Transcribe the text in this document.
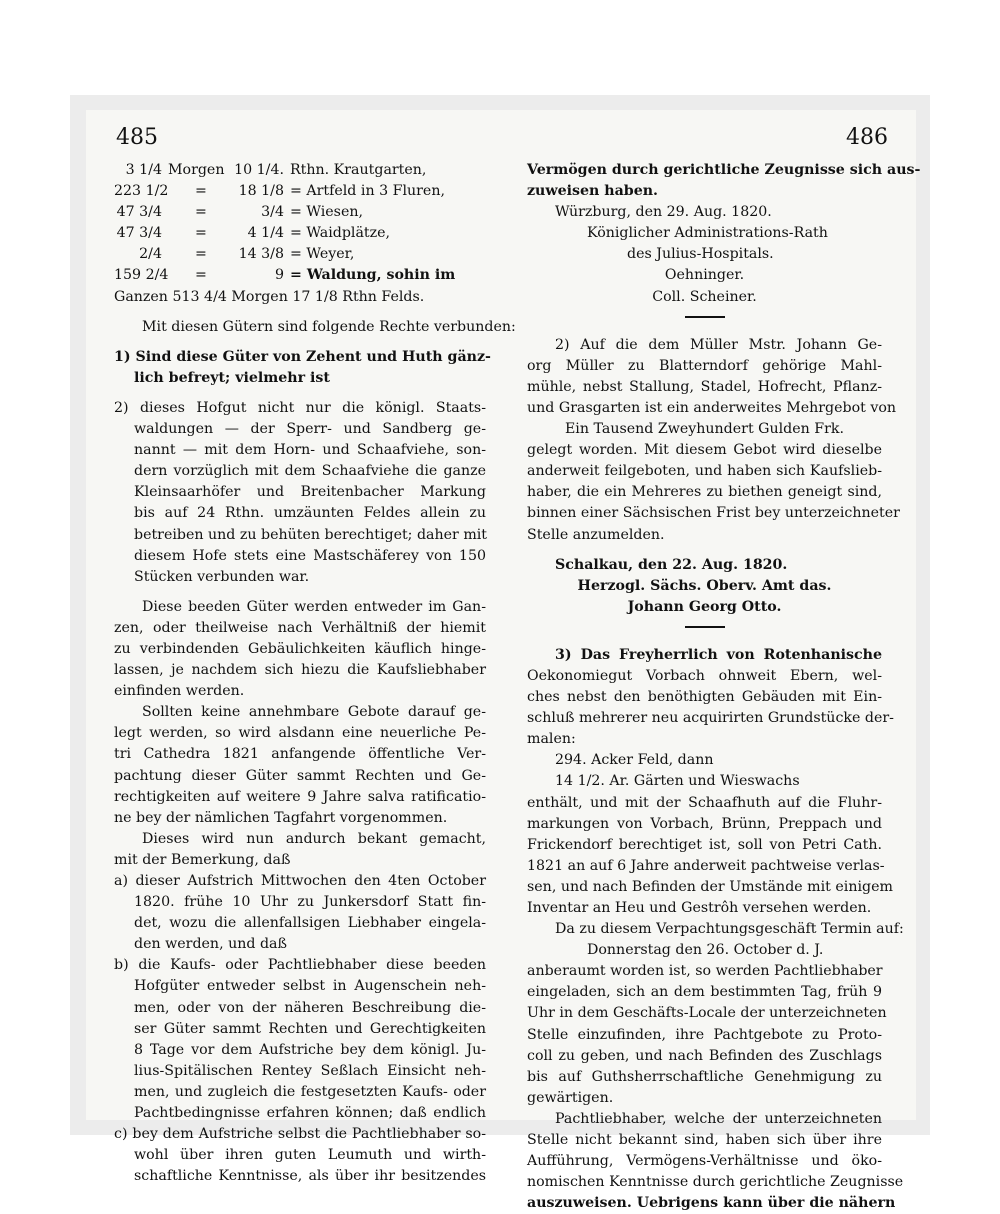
485	486
3 1/4 Morgen 10 1/4. Rthn. Krautgarten,
223 1/2	=	18 1/8 = Artfeld in 3 Fluren,
47 3/4	=	3/4 = Wiesen,
47 3/4	=	4 1/4 = Waidplätze,
2/4	=	14 3/8 = Weyer,
159 2/4	=	9 = Waldung, sohin im
Ganzen 513 4/4 Morgen 17 1/8 Rthn Felds.
Mit diesen Gütern sind folgende Rechte verbunden:
1) Sind diese Güter von Zehent und Huth gänz-
lich befreyt; vielmehr ist
2) dieses Hofgut nicht nur die königl. Staats-
waldungen — der Sperr- und Sandberg ge-
nannt — mit dem Horn- und Schaafviehe, son-
dern vorzüglich mit dem Schaafviehe die ganze
Kleinsaarhöfer und Breitenbacher Markung
bis auf 24 Rthn. umzäunten Feldes allein zu
betreiben und zu behüten berechtiget; daher mit
diesem Hofe stets eine Mastschäferey von 150
Stücken verbunden war.
Diese beeden Güter werden entweder im Gan-
zen, oder theilweise nach Verhältniß der hiemit
zu verbindenden Gebäulichkeiten käuflich hinge-
lassen, je nachdem sich hiezu die Kaufsliebhaber
einfinden werden.
Sollten keine annehmbare Gebote darauf ge-
legt werden, so wird alsdann eine neuerliche Pe-
tri Cathedra 1821 anfangende öffentliche Ver-
pachtung dieser Güter sammt Rechten und Ge-
rechtigkeiten auf weitere 9 Jahre salva ratificatio-
ne bey der nämlichen Tagfahrt vorgenommen.
Dieses wird nun andurch bekant gemacht,
mit der Bemerkung, daß
a) dieser Aufstrich Mittwochen den 4ten October
1820. frühe 10 Uhr zu Junkersdorf Statt fin-
det, wozu die allenfallsigen Liebhaber eingela-
den werden, und daß
b) die Kaufs- oder Pachtliebhaber diese beeden
Hofgüter entweder selbst in Augenschein neh-
men, oder von der näheren Beschreibung die-
ser Güter sammt Rechten und Gerechtigkeiten
8 Tage vor dem Aufstriche bey dem königl. Ju-
lius-Spitälischen Rentey Seßlach Einsicht neh-
men, und zugleich die festgesetzten Kaufs- oder
Pachtbedingnisse erfahren können; daß endlich
c) bey dem Aufstriche selbst die Pachtliebhaber so-
wohl über ihren guten Leumuth und wirth-
schaftliche Kenntnisse, als über ihr besitzendes
Vermögen durch gerichtliche Zeugnisse sich aus-
zuweisen haben.
Würzburg, den 29. Aug. 1820.
Königlicher Administrations-Rath
des Julius-Hospitals.
Oehninger.
Coll. Scheiner.
2) Auf die dem Müller Mstr. Johann Ge-
org Müller zu Blatterndorf gehörige Mahl-
mühle, nebst Stallung, Stadel, Hofrecht, Pflanz-
und Grasgarten ist ein anderweites Mehrgebot von
Ein Tausend Zweyhundert Gulden Frk.
gelegt worden. Mit diesem Gebot wird dieselbe
anderweit feilgeboten, und haben sich Kaufslieb-
haber, die ein Mehreres zu biethen geneigt sind,
binnen einer Sächsischen Frist bey unterzeichneter
Stelle anzumelden.
Schalkau, den 22. Aug. 1820.
Herzogl. Sächs. Oberv. Amt das.
Johann Georg Otto.
3) Das Freyherrlich von Rotenhanische
Oekonomiegut Vorbach ohnweit Ebern, wel-
ches nebst den benöthigten Gebäuden mit Ein-
schluß mehrerer neu acquirirten Grundstücke der-
malen:
294. Acker Feld, dann
14 1/2. Ar. Gärten und Wieswachs
enthält, und mit der Schaafhuth auf die Fluhr-
markungen von Vorbach, Brünn, Preppach und
Frickendorf berechtiget ist, soll von Petri Cath.
1821 an auf 6 Jahre anderweit pachtweise verlas-
sen, und nach Befinden der Umstände mit einigem
Inventar an Heu und Gestrôh versehen werden.
Da zu diesem Verpachtungsgeschäft Termin auf:
Donnerstag den 26. October d. J.
anberaumt worden ist, so werden Pachtliebhaber
eingeladen, sich an dem bestimmten Tag, früh 9
Uhr in dem Geschäfts-Locale der unterzeichneten
Stelle einzufinden, ihre Pachtgebote zu Proto-
coll zu geben, und nach Befinden des Zuschlags
bis auf Guthsherrschaftliche Genehmigung zu
gewärtigen.
Pachtliebhaber, welche der unterzeichneten
Stelle nicht bekannt sind, haben sich über ihre
Aufführung, Vermögens-Verhältnisse und öko-
nomischen Kenntnisse durch gerichtliche Zeugnisse
auszuweisen. Uebrigens kann über die nähern
